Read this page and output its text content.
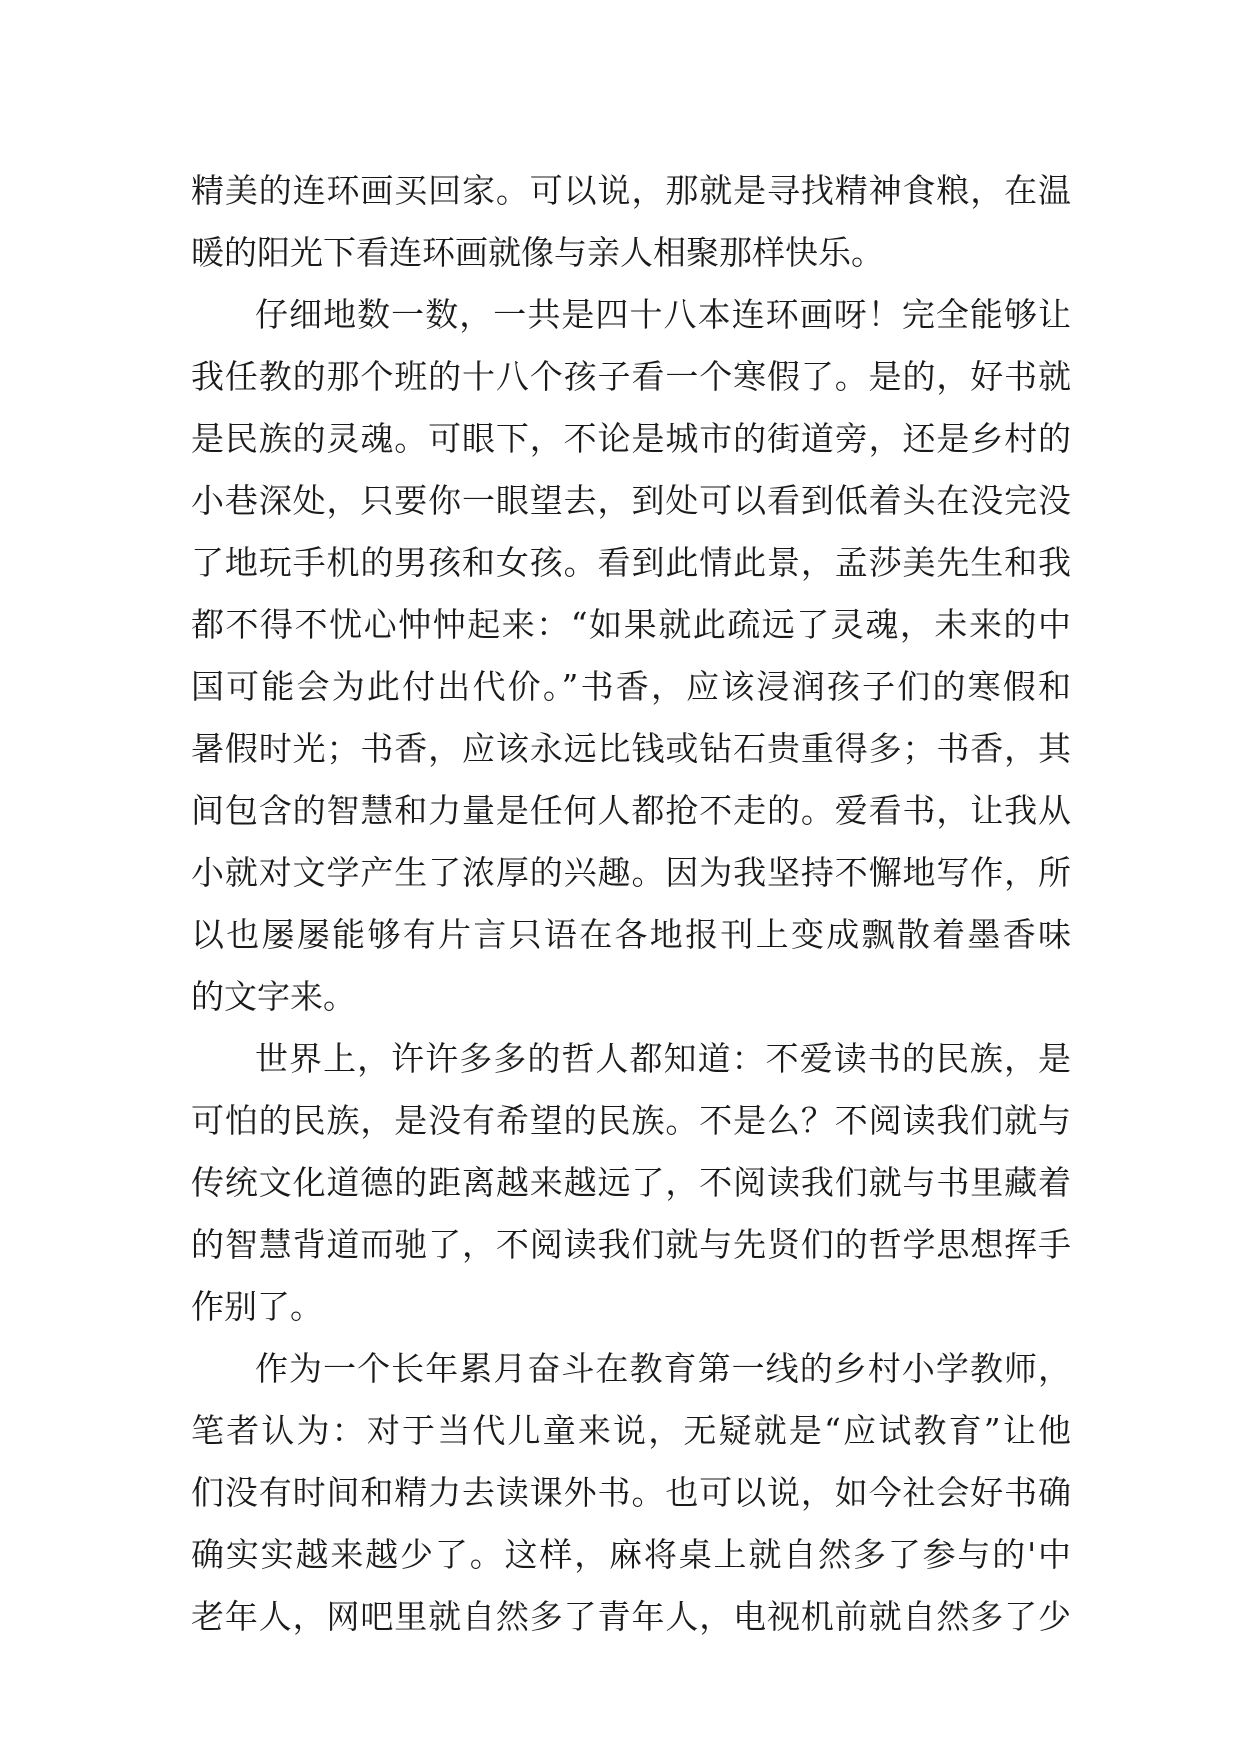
精美的连环画买回家。可以说，那就是寻找精神食粮，在温
暖的阳光下看连环画就像与亲人相聚那样快乐。
仔细地数一数，一共是四十八本连环画呀！完全能够让
我任教的那个班的十八个孩子看一个寒假了。是的，好书就
是民族的灵魂。可眼下，不论是城市的街道旁，还是乡村的
小巷深处，只要你一眼望去，到处可以看到低着头在没完没
了地玩手机的男孩和女孩。看到此情此景，孟莎美先生和我
都不得不忧心忡忡起来：“如果就此疏远了灵魂，未来的中
国可能会为此付出代价。”书香，应该浸润孩子们的寒假和
暑假时光；书香，应该永远比钱或钻石贵重得多；书香，其
间包含的智慧和力量是任何人都抢不走的。爱看书，让我从
小就对文学产生了浓厚的兴趣。因为我坚持不懈地写作，所
以也屡屡能够有片言只语在各地报刊上变成飘散着墨香味
的文字来。
世界上，许许多多的哲人都知道：不爱读书的民族，是
可怕的民族，是没有希望的民族。不是么？不阅读我们就与
传统文化道德的距离越来越远了，不阅读我们就与书里藏着
的智慧背道而驰了，不阅读我们就与先贤们的哲学思想挥手
作别了。
作为一个长年累月奋斗在教育第一线的乡村小学教师，
笔者认为：对于当代儿童来说，无疑就是“应试教育”让他
们没有时间和精力去读课外书。也可以说，如今社会好书确
确实实越来越少了。这样，麻将桌上就自然多了参与的'中
老年人，网吧里就自然多了青年人，电视机前就自然多了少
